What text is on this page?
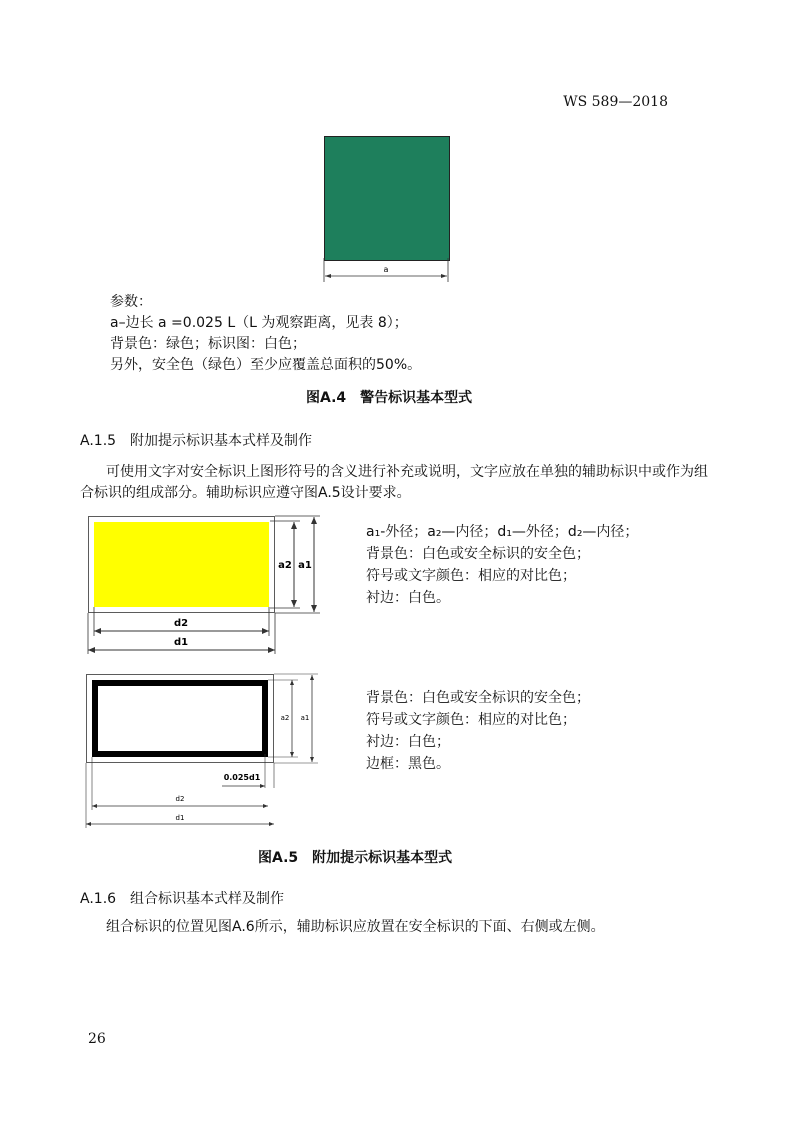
WS 589—2018
a
参数：
a–边长 a =0.025 L（L 为观察距离，见表 8）；
背景色：绿色；标识图：白色；
另外，安全色（绿色）至少应覆盖总面积的50%。
图A.4　警告标识基本型式
A.1.5　附加提示标识基本式样及制作
可使用文字对安全标识上图形符号的含义进行补充或说明，文字应放在单独的辅助标识中或作为组
合标识的组成部分。辅助标识应遵守图A.5设计要求。
a2 a1
d2
d1
a₁-外径；a₂—内径；d₁—外径；d₂—内径；
背景色：白色或安全标识的安全色；
符号或文字颜色：相应的对比色；
衬边：白色。
a2 a1
0.025d1
d2
d1
背景色：白色或安全标识的安全色；
符号或文字颜色：相应的对比色；
衬边：白色；
边框：黑色。
图A.5　附加提示标识基本型式
A.1.6　组合标识基本式样及制作
组合标识的位置见图A.6所示，辅助标识应放置在安全标识的下面、右侧或左侧。
26
